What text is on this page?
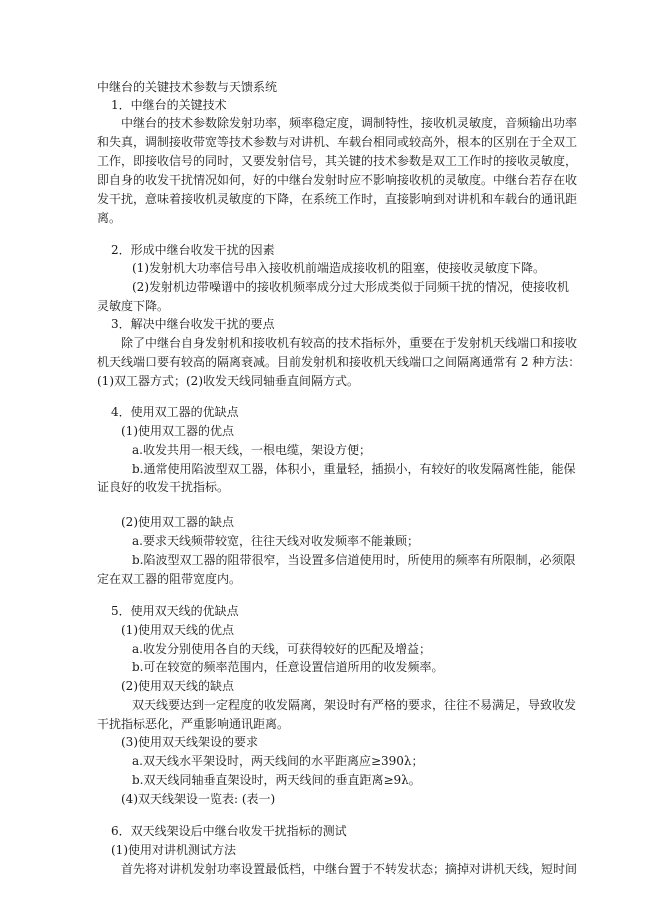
中继台的关键技术参数与天馈系统
1．中继台的关键技术
中继台的技术参数除发射功率，频率稳定度，调制特性，接收机灵敏度，音频输出功率
和失真，调制接收带宽等技术参数与对讲机、车载台相同或较高外，根本的区别在于全双工
工作，即接收信号的同时，又要发射信号，其关键的技术参数是双工工作时的接收灵敏度，
即自身的收发干扰情况如何，好的中继台发射时应不影响接收机的灵敏度。中继台若存在收
发干扰，意味着接收机灵敏度的下降，在系统工作时，直接影响到对讲机和车载台的通讯距
离。
2．形成中继台收发干扰的因素
(1)发射机大功率信号串入接收机前端造成接收机的阻塞，使接收灵敏度下降。
(2)发射机边带噪谱中的接收机频率成分过大形成类似于同频干扰的情况，使接收机
灵敏度下降。
3．解决中继台收发干扰的要点
除了中继台自身发射机和接收机有较高的技术指标外，重要在于发射机天线端口和接收
机天线端口要有较高的隔离衰减。目前发射机和接收机天线端口之间隔离通常有 2 种方法：
(1)双工器方式；(2)收发天线同轴垂直间隔方式。
4．使用双工器的优缺点
(1)使用双工器的优点
a.收发共用一根天线，一根电缆，架设方便；
b.通常使用陷波型双工器，体积小，重量轻，插损小，有较好的收发隔离性能，能保
证良好的收发干扰指标。
(2)使用双工器的缺点
a.要求天线频带较宽，往往天线对收发频率不能兼顾；
b.陷波型双工器的阻带很窄，当设置多信道使用时，所使用的频率有所限制，必须限
定在双工器的阻带宽度内。
5．使用双天线的优缺点
(1)使用双天线的优点
a.收发分别使用各自的天线，可获得较好的匹配及增益；
b.可在较宽的频率范围内，任意设置信道所用的收发频率。
(2)使用双天线的缺点
双天线要达到一定程度的收发隔离，架设时有严格的要求，往往不易满足，导致收发
干扰指标恶化，严重影响通讯距离。
(3)使用双天线架设的要求
a.双天线水平架设时，两天线间的水平距离应≥390λ；
b.双天线同轴垂直架设时，两天线间的垂直距离≥9λ。
(4)双天线架设一览表: (表一)
6．双天线架设后中继台收发干扰指标的测试
(1)使用对讲机测试方法
首先将对讲机发射功率设置最低档，中继台置于不转发状态；摘掉对讲机天线，短时间
